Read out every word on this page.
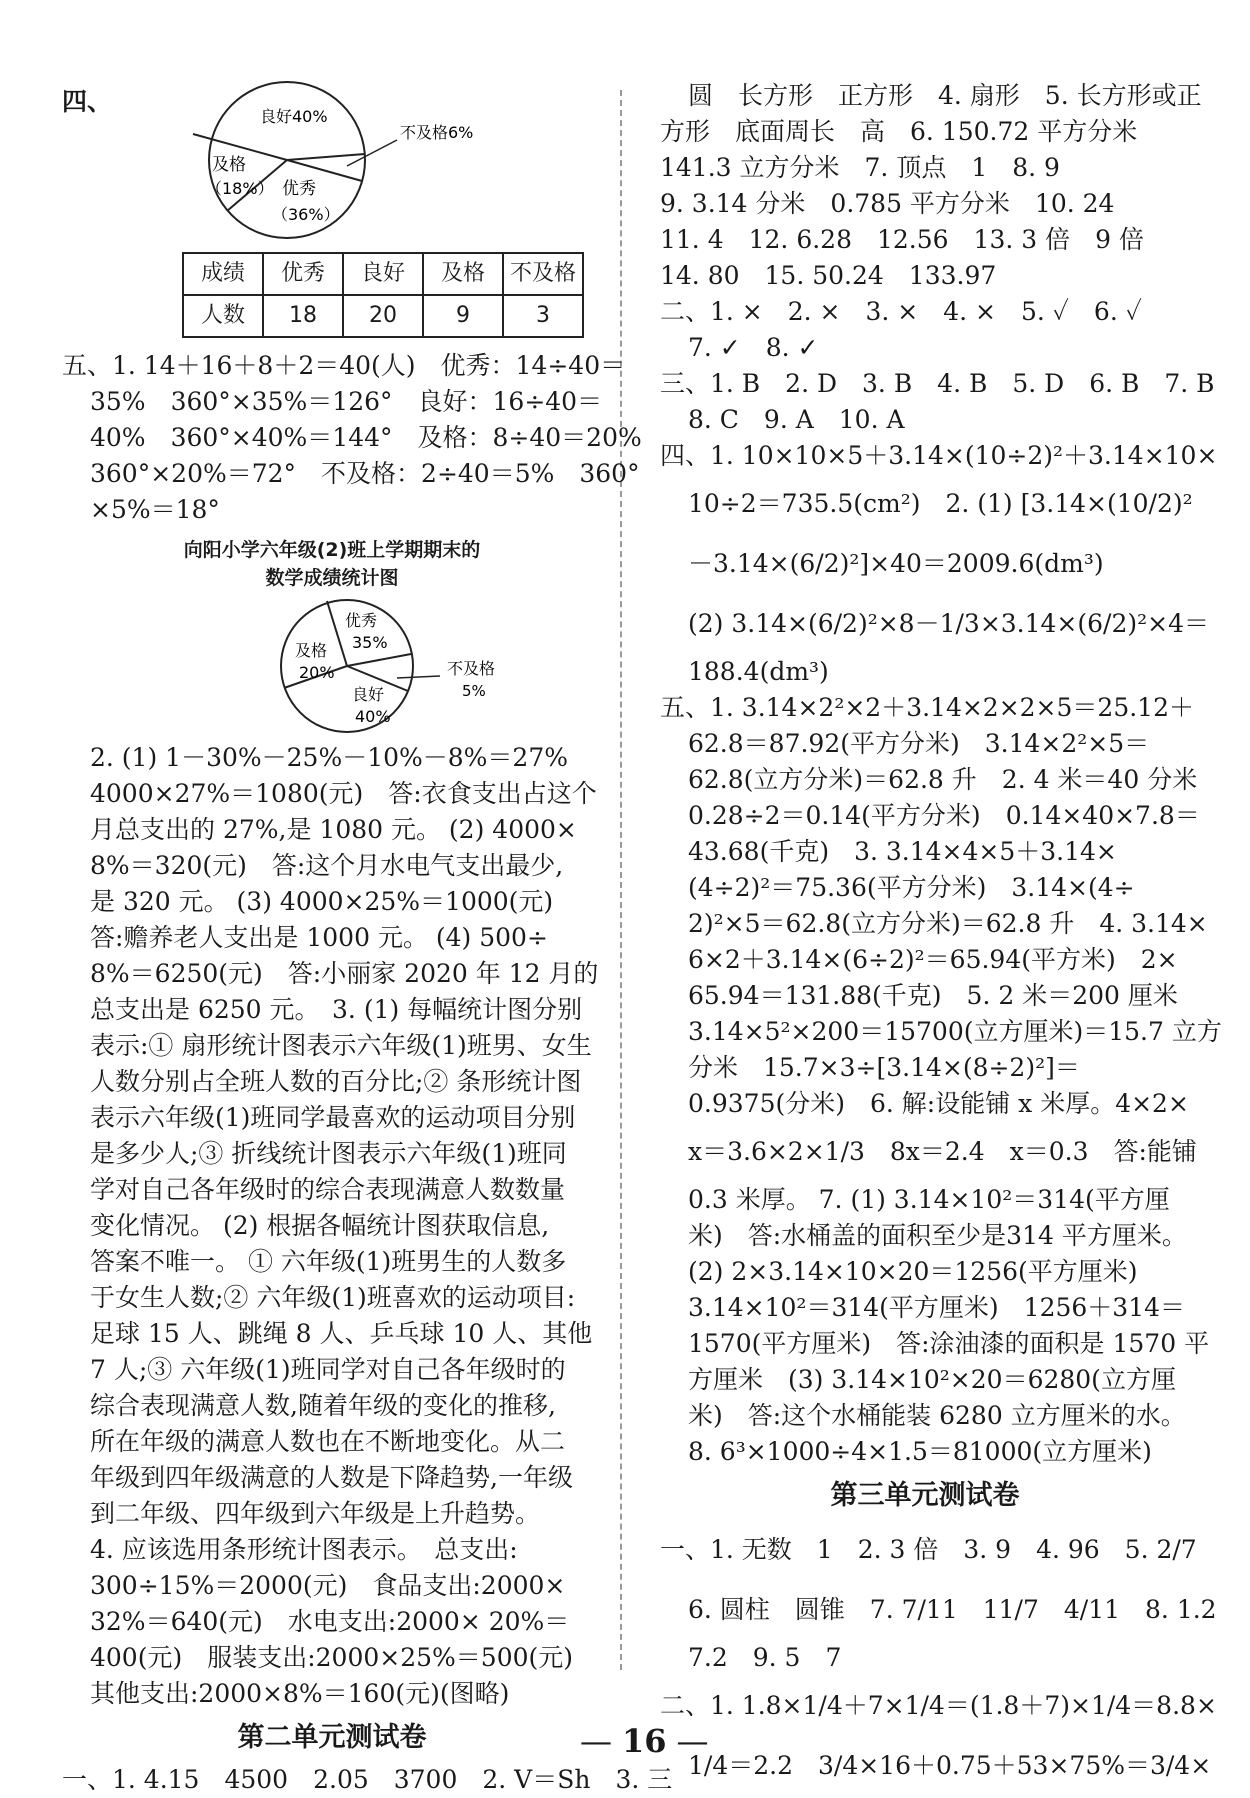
四、
良好40%
不及格6%
及格
（18%） 优秀
（36%）
成绩	优秀	良好	及格	不及格
人数	18	20	9	3
五、1. 14＋16＋8＋2＝40(人)　优秀：14÷40＝
35%　360°×35%＝126°　良好：16÷40＝
40%　360°×40%＝144°　及格：8÷40＝20%
360°×20%＝72°　不及格：2÷40＝5%　360°
×5%＝18°
向阳小学六年级(2)班上学期期末的
数学成绩统计图
优秀
35%
及格
20%	不及格
5%
良好
40%
2. (1) 1－30%－25%－10%－8%＝27%
4000×27%＝1080(元)　答:衣食支出占这个
月总支出的 27%,是 1080 元。 (2) 4000×
8%＝320(元)　答:这个月水电气支出最少,
是 320 元。 (3) 4000×25%＝1000(元)
答:赡养老人支出是 1000 元。 (4) 500÷
8%＝6250(元)　答:小丽家 2020 年 12 月的
总支出是 6250 元。　3. (1) 每幅统计图分别
表示:① 扇形统计图表示六年级(1)班男、女生
人数分别占全班人数的百分比;② 条形统计图
表示六年级(1)班同学最喜欢的运动项目分别
是多少人;③ 折线统计图表示六年级(1)班同
学对自己各年级时的综合表现满意人数数量
变化情况。 (2) 根据各幅统计图获取信息,
答案不唯一。 ① 六年级(1)班男生的人数多
于女生人数;② 六年级(1)班喜欢的运动项目:
足球 15 人、跳绳 8 人、乒乓球 10 人、其他
7 人;③ 六年级(1)班同学对自己各年级时的
综合表现满意人数,随着年级的变化的推移,
所在年级的满意人数也在不断地变化。从二
年级到四年级满意的人数是下降趋势,一年级
到二年级、四年级到六年级是上升趋势。
4. 应该选用条形统计图表示。　总支出:
300÷15%＝2000(元)　食品支出:2000×
32%＝640(元)　水电支出:2000× 20%＝
400(元)　服装支出:2000×25%＝500(元)
其他支出:2000×8%＝160(元)(图略)
第二单元测试卷
一、1. 4.15　4500　2.05　3700　2. V＝Sh　3. 三
圆　长方形　正方形　4. 扇形　5. 长方形或正
方形　底面周长　高　6. 150.72 平方分米
141.3 立方分米　7. 顶点　1　8. 9
9. 3.14 分米　0.785 平方分米　10. 24
11. 4　12. 6.28　12.56　13. 3 倍　9 倍
14. 80　15. 50.24　133.97
二、1. ×　2. ×　3. ×　4. ×　5. ✓　6. ✓
7. ✓　8. ✓
三、1. B　2. D　3. B　4. B　5. D　6. B　7. B
8. C　9. A　10. A
四、1. 10×10×5＋3.14×(10÷2)²＋3.14×10×
10÷2＝735.5(cm²)　2. (1) [3.14×(10/2)²
－3.14×(6/2)²]×40＝2009.6(dm³)
(2) 3.14×(6/2)²×8－1/3×3.14×(6/2)²×4＝
188.4(dm³)
五、1. 3.14×2²×2＋3.14×2×2×5＝25.12＋
62.8＝87.92(平方分米)　3.14×2²×5＝
62.8(立方分米)＝62.8 升　2. 4 米＝40 分米
0.28÷2＝0.14(平方分米)　0.14×40×7.8＝
43.68(千克)　3. 3.14×4×5＋3.14×
(4÷2)²＝75.36(平方分米)　3.14×(4÷
2)²×5＝62.8(立方分米)＝62.8 升　4. 3.14×
6×2＋3.14×(6÷2)²＝65.94(平方米)　2×
65.94＝131.88(千克)　5. 2 米＝200 厘米
3.14×5²×200＝15700(立方厘米)＝15.7 立方
分米　15.7×3÷[3.14×(8÷2)²]＝
0.9375(分米)　6. 解:设能铺 x 米厚。4×2×
x＝3.6×2×1/3　8x＝2.4　x＝0.3　答:能铺
0.3 米厚。 7. (1) 3.14×10²＝314(平方厘
米)　答:水桶盖的面积至少是314 平方厘米。
(2) 2×3.14×10×20＝1256(平方厘米)
3.14×10²＝314(平方厘米)　1256＋314＝
1570(平方厘米)　答:涂油漆的面积是 1570 平
方厘米　(3) 3.14×10²×20＝6280(立方厘
米)　答:这个水桶能装 6280 立方厘米的水。
8. 6³×1000÷4×1.5＝81000(立方厘米)
第三单元测试卷
一、1. 无数　1　2. 3 倍　3. 9　4. 96　5. 2/7
6. 圆柱　圆锥　7. 7/11　11/7　4/11　8. 1.2
7.2　9. 5　7
二、1. 1.8×1/4＋7×1/4＝(1.8＋7)×1/4＝8.8×
1/4＝2.2　3/4×16＋0.75＋53×75%＝3/4×
— 16 —
